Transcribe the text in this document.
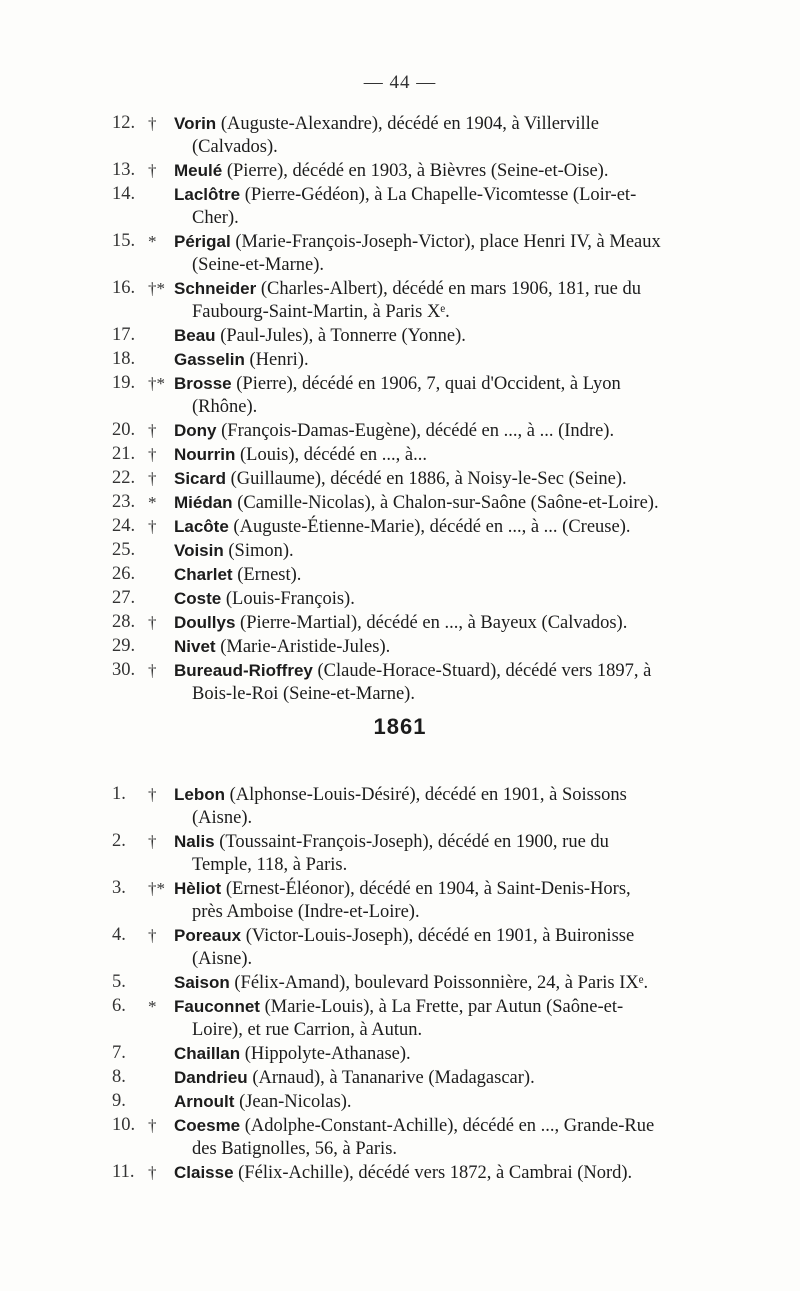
— 44 —
12. †	Vorin (Auguste-Alexandre), décédé en 1904, à Villerville
(Calvados).
13. †	Meulé (Pierre), décédé en 1903, à Bièvres (Seine-et-Oise).
14.	Laclôtre (Pierre-Gédéon), à La Chapelle-Vicomtesse (Loir-et-
Cher).
15. *	Périgal (Marie-François-Joseph-Victor), place Henri IV, à Meaux
(Seine-et-Marne).
16. †* Schneider (Charles-Albert), décédé en mars 1906, 181, rue du
Faubourg-Saint-Martin, à Paris Xᵉ.
17.	Beau (Paul-Jules), à Tonnerre (Yonne).
18.	Gasselin (Henri).
19. †* Brosse (Pierre), décédé en 1906, 7, quai d'Occident, à Lyon
(Rhône).
20. †	Dony (François-Damas-Eugène), décédé en ..., à ... (Indre).
21. †	Nourrin (Louis), décédé en ..., à...
22. †	Sicard (Guillaume), décédé en 1886, à Noisy-le-Sec (Seine).
23. *	Miédan (Camille-Nicolas), à Chalon-sur-Saône (Saône-et-Loire).
24. †	Lacôte (Auguste-Étienne-Marie), décédé en ..., à ... (Creuse).
25.	Voisin (Simon).
26.	Charlet (Ernest).
27.	Coste (Louis-François).
28. †	Doullys (Pierre-Martial), décédé en ..., à Bayeux (Calvados).
29.	Nivet (Marie-Aristide-Jules).
30. †	Bureaud-Rioffrey (Claude-Horace-Stuard), décédé vers 1897, à
Bois-le-Roi (Seine-et-Marne).
1861
1.	†	Lebon (Alphonse-Louis-Désiré), décédé en 1901, à Soissons
(Aisne).
2.	†	Nalis (Toussaint-François-Joseph), décédé en 1900, rue du
Temple, 118, à Paris.
3.	†* Hèliot (Ernest-Éléonor), décédé en 1904, à Saint-Denis-Hors,
près Amboise (Indre-et-Loire).
4.	†	Poreaux (Victor-Louis-Joseph), décédé en 1901, à Buironisse
(Aisne).
5.	Saison (Félix-Amand), boulevard Poissonnière, 24, à Paris IXᵉ.
6.	*	Fauconnet (Marie-Louis), à La Frette, par Autun (Saône-et-
Loire), et rue Carrion, à Autun.
7.	Chaillan (Hippolyte-Athanase).
8.	Dandrieu (Arnaud), à Tananarive (Madagascar).
9.	Arnoult (Jean-Nicolas).
10. †	Coesme (Adolphe-Constant-Achille), décédé en ..., Grande-Rue
des Batignolles, 56, à Paris.
11. †	Claisse (Félix-Achille), décédé vers 1872, à Cambrai (Nord).
